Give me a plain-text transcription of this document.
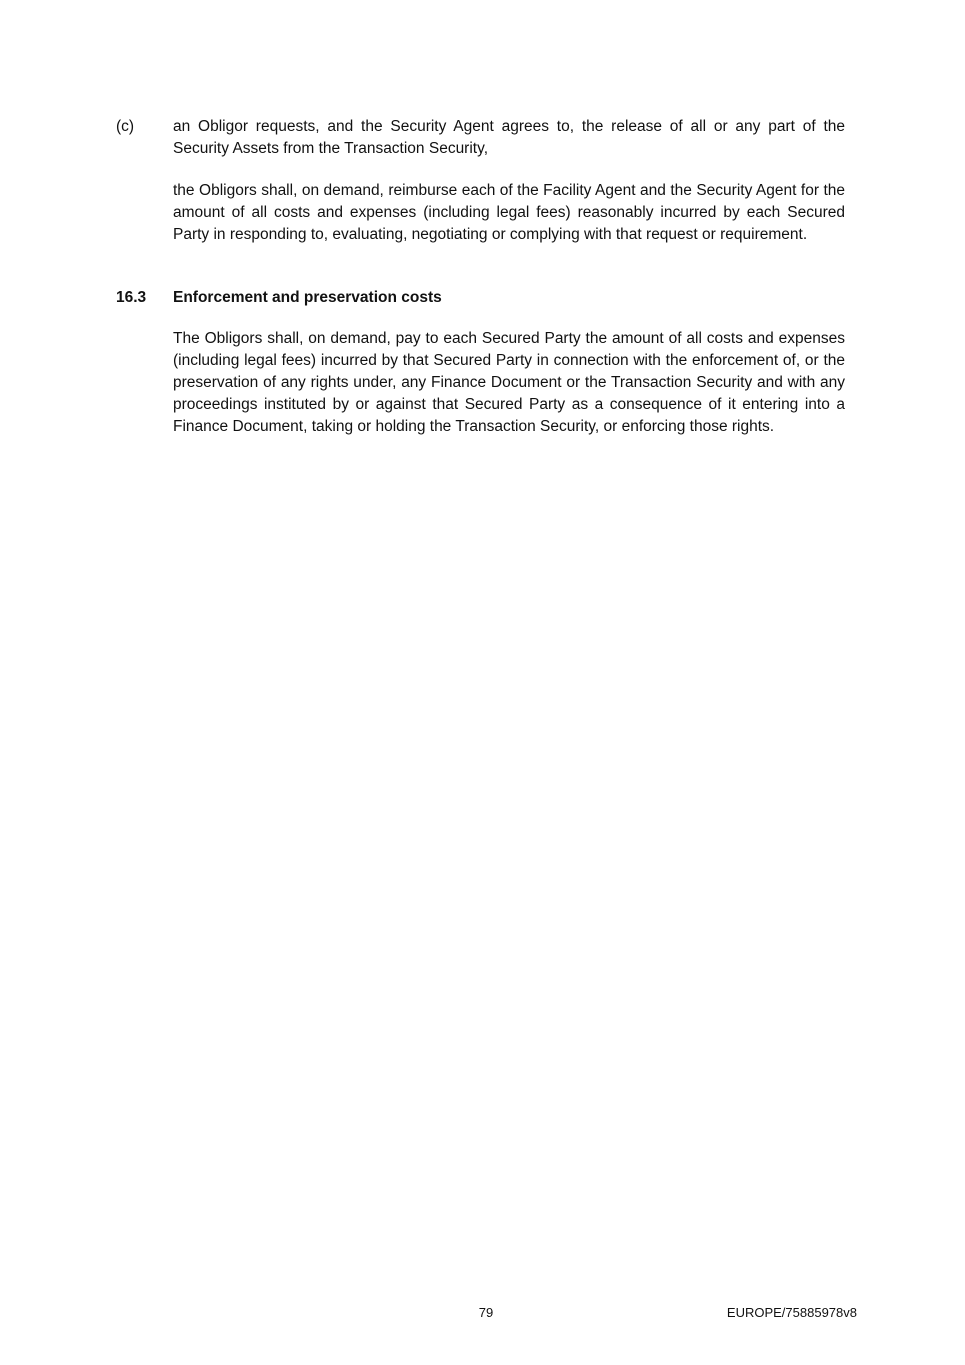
(c)	an Obligor requests, and the Security Agent agrees to, the release of all or any part of the Security Assets from the Transaction Security,
the Obligors shall, on demand, reimburse each of the Facility Agent and the Security Agent for the amount of all costs and expenses (including legal fees) reasonably incurred by each Secured Party in responding to, evaluating, negotiating or complying with that request or requirement.
16.3 Enforcement and preservation costs
The Obligors shall, on demand, pay to each Secured Party the amount of all costs and expenses (including legal fees) incurred by that Secured Party in connection with the enforcement of, or the preservation of any rights under, any Finance Document or the Transaction Security and with any proceedings instituted by or against that Secured Party as a consequence of it entering into a Finance Document, taking or holding the Transaction Security, or enforcing those rights.
79	EUROPE/75885978v8
